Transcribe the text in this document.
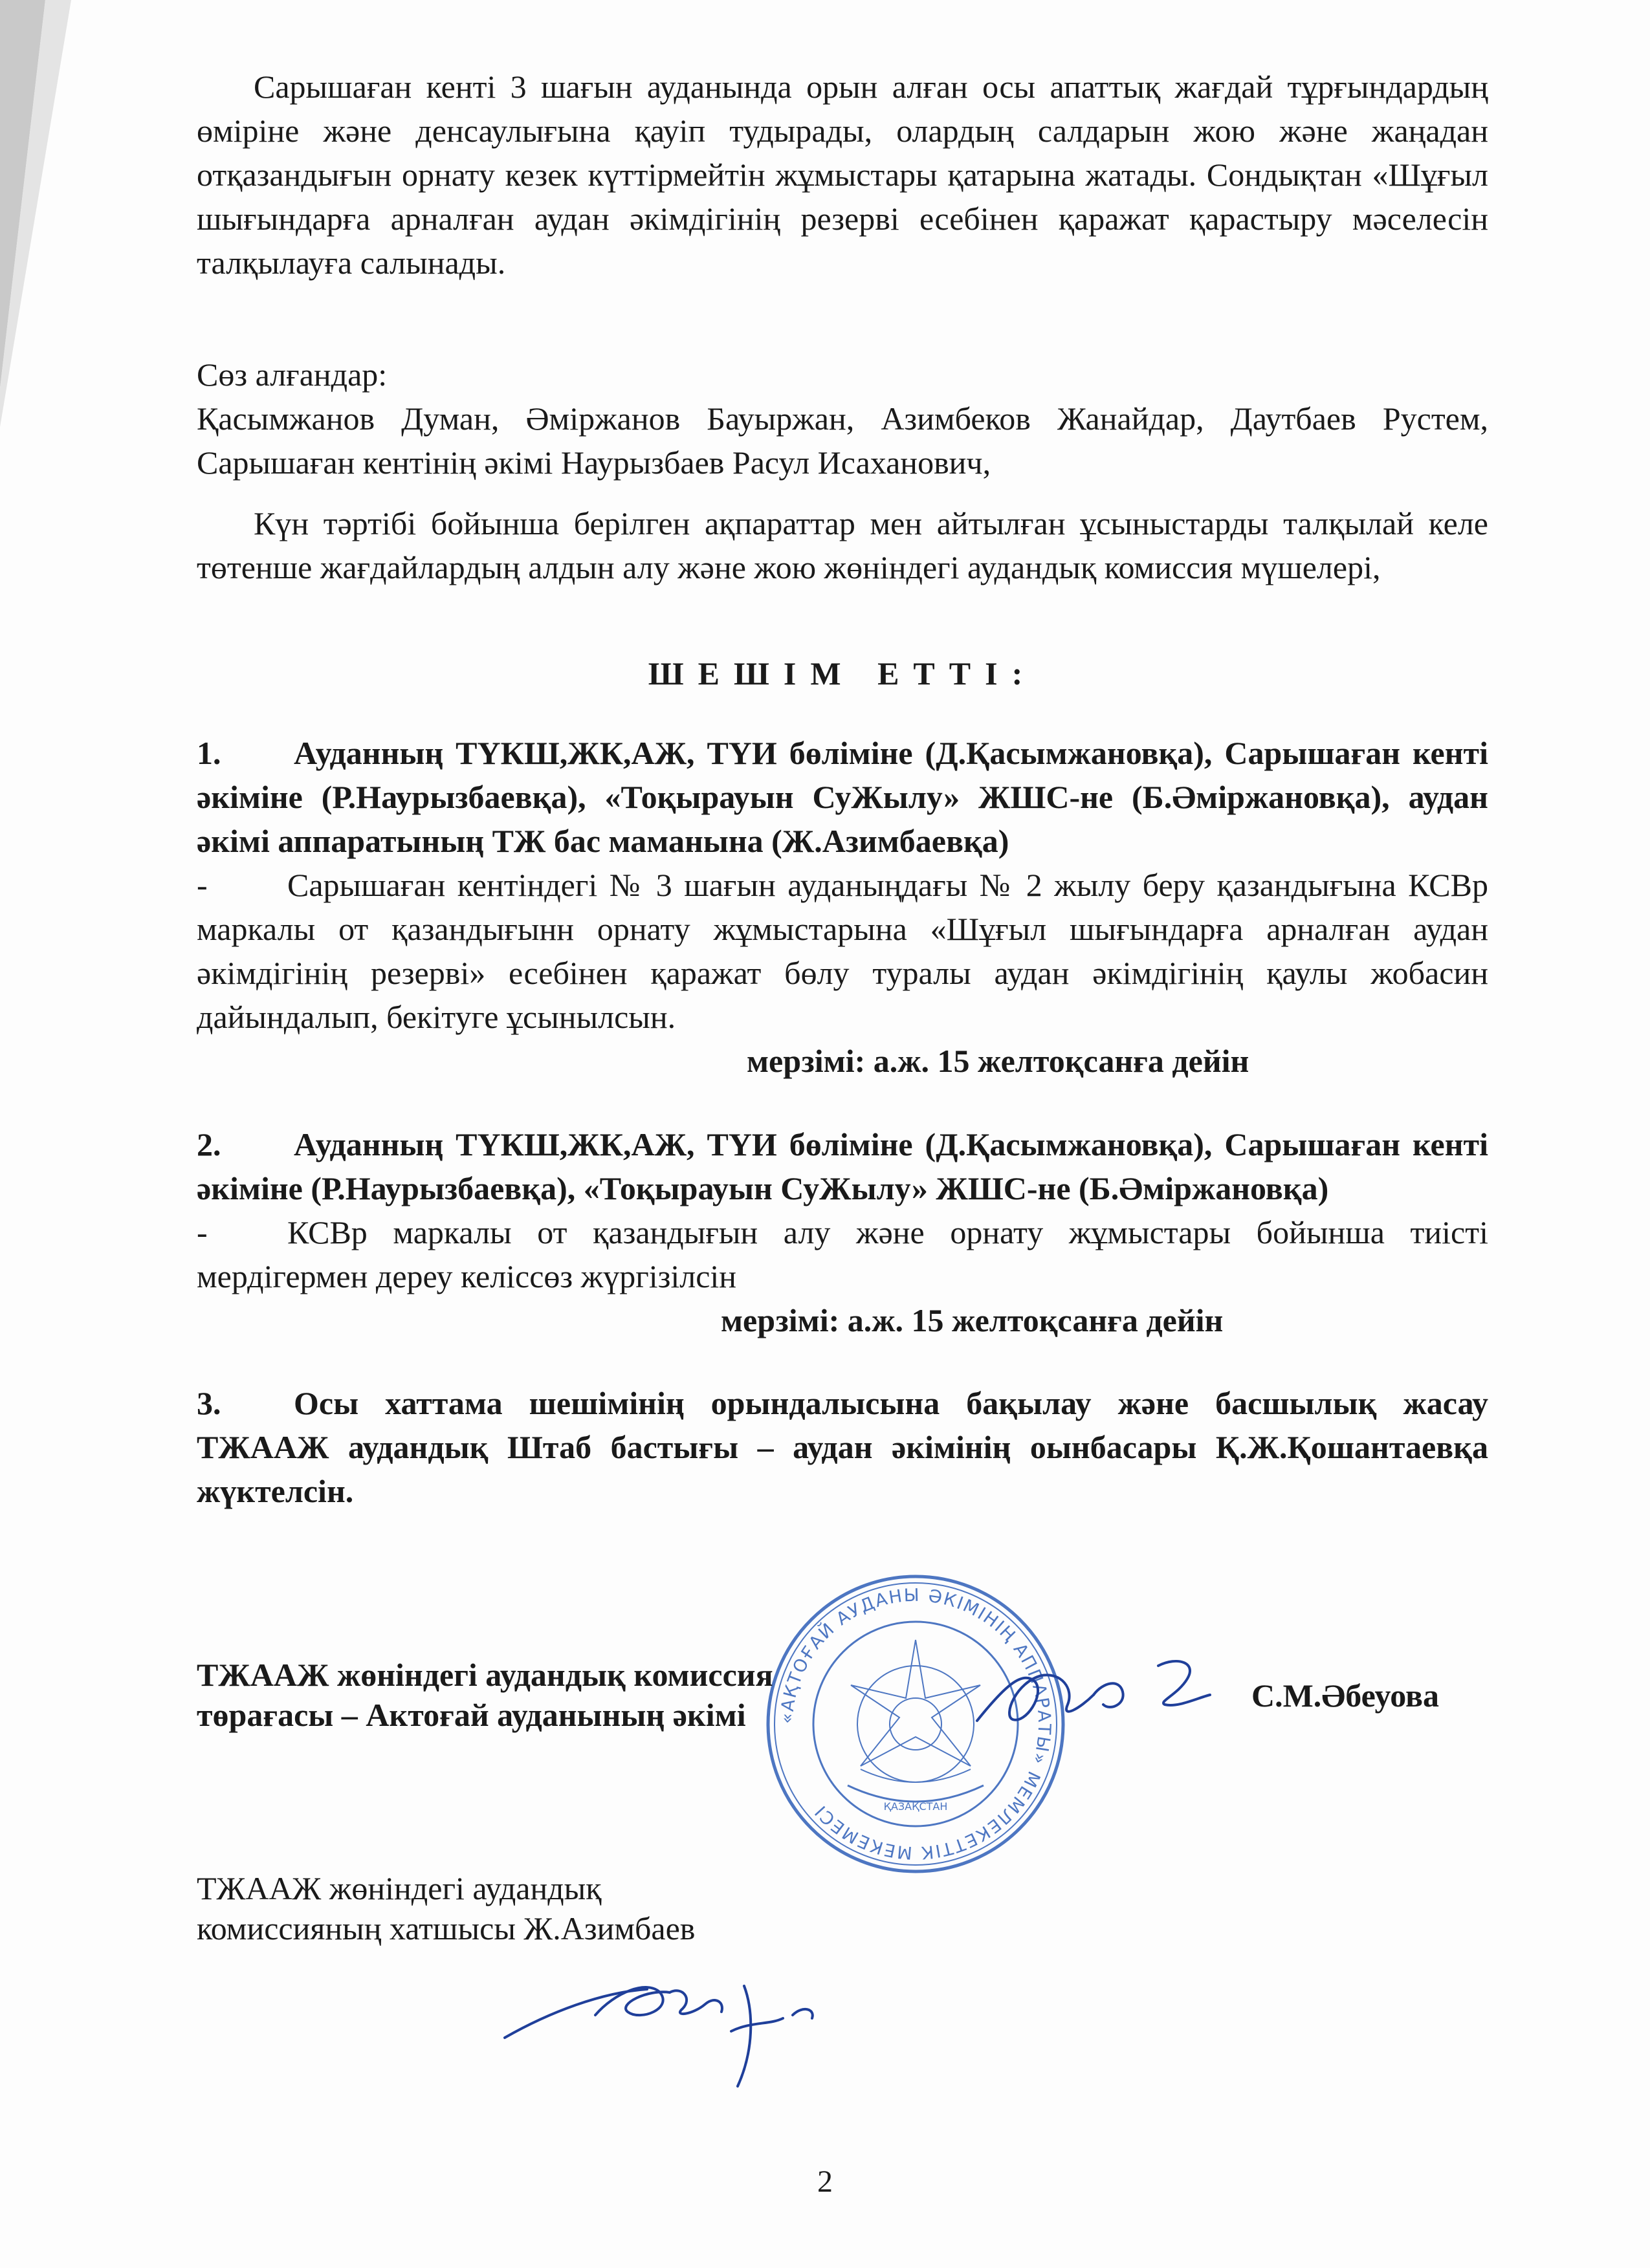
Сарышаған кенті 3 шағын ауданында орын алған осы апаттық жағдай тұрғындардың өміріне және денсаулығына қауіп тудырады, олардың салдарын жою және жаңадан отқазандығын орнату кезек күттірмейтін жұмыстары қатарына жатады. Сондықтан «Шұғыл шығындарға арналған аудан әкімдігінің резерві есебінен қаражат қарастыру мәселесін талқылауға салынады.

Сөз алғандар:

Қасымжанов Думан, Әміржанов Бауыржан, Азимбеков Жанайдар, Даутбаев Рустем, Сарышаған кентінің әкімі Наурызбаев Расул Исаханович,

Күн тәртібі бойынша берілген ақпараттар мен айтылған ұсыныстарды талқылай келе төтенше жағдайлардың алдын алу және жою жөніндегі аудандық комиссия мүшелері,

ШЕШІМ ЕТТІ:

1. Ауданның ТҮКШ,ЖК,АЖ, ТҮИ бөліміне (Д.Қасымжановқа), Сарышаған кенті әкіміне (Р.Наурызбаевқа), «Тоқырауын СуЖылу» ЖШС-не (Б.Әміржановқа), аудан әкімі аппаратының ТЖ бас маманына (Ж.Азимбаевқа)

- Сарышаған кентіндегі № 3 шағын ауданыңдағы № 2 жылу беру қазандығына КСВр маркалы от қазандығынн орнату жұмыстарына «Шұғыл шығындарға арналған аудан әкімдігінің резерві» есебінен қаражат бөлу туралы аудан әкімдігінің қаулы жобасин дайындалып, бекітуге ұсынылсын.

мерзімі: а.ж. 15 желтоқсанға дейін

2. Ауданның ТҮКШ,ЖК,АЖ, ТҮИ бөліміне (Д.Қасымжановқа), Сарышаған кенті әкіміне (Р.Наурызбаевқа), «Тоқырауын СуЖылу» ЖШС-не (Б.Әміржановқа)

- КСВр маркалы от қазандығын алу және орнату жұмыстары бойынша тиісті мердігермен дереу келіссөз жүргізілсін

мерзімі: а.ж. 15 желтоқсанға дейін

3. Осы хаттама шешімінің орындалысына бақылау және басшылық жасау ТЖААЖ аудандық Штаб бастығы – аудан әкімінің оынбасары Қ.Ж.Қошантаевқа жүктелсін.

«АҚТОҒАЙ АУДАНЫ ӘКІМІНІҢ АППАРАТЫ» МЕМЛЕКЕТТІК МЕКЕМЕСІ	ҚАЗАҚСТАН
ТЖААЖ жөніндегі аудандық комиссия
төрағасы – Актоғай ауданының әкімі
С.М.Әбеуова
ТЖААЖ жөніндегі аудандық
комиссияның хатшысы Ж.Азимбаев
2
